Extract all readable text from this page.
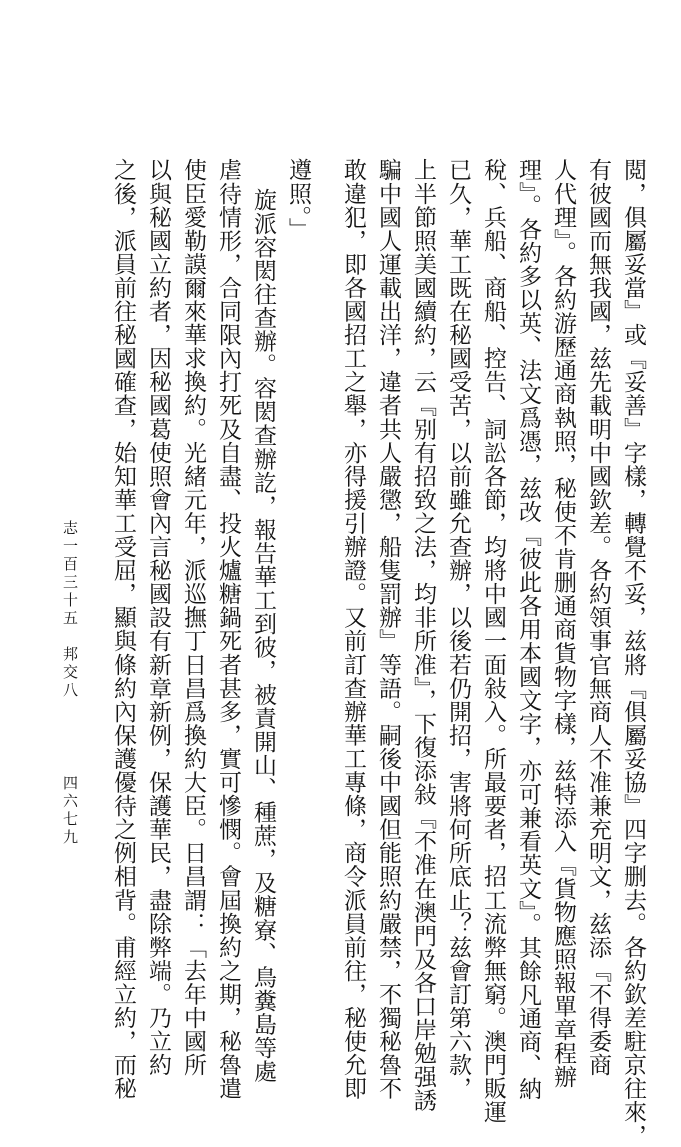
閲，俱屬妥當』或『妥善』字樣，轉覺不妥，兹將『俱屬妥協』四字删去。各約欽差駐京往來，
有彼國而無我國，兹先載明中國欽差。各約領事官無商人不准兼充明文，兹添『不得委商
人代理』。各約游歷通商執照，秘使不肯删通商貨物字樣，兹特添入『貨物應照報單章程辦
理』。各約多以英、法文爲憑，兹改『彼此各用本國文字，亦可兼看英文』。其餘凡通商、納
稅、兵船、商船、控告、詞訟各節，均將中國一面敍入。所最要者，招工流弊無窮。澳門販運
已久，華工既在秘國受苦，以前雖允查辦，以後若仍開招，害將何所底止？兹會訂第六款，
上半節照美國續約，云『别有招致之法，均非所准』，下復添敍『不准在澳門及各口岸勉强誘
騙中國人運載出洋，違者共人嚴懲，船隻罰辦』等語。嗣後中國但能照約嚴禁，不獨秘魯不
敢違犯，即各國招工之舉，亦得援引辦證。又前訂查辦華工專條，商令派員前往，秘使允即
遵照。」
旋派容閎往查辦。容閎查辦訖，報告華工到彼，被責開山、種蔗，及糖寮、鳥糞島等處
虐待情形，合同限內打死及自盡、投火爐糖鍋死者甚多，實可慘憫。會屆換約之期，秘魯遣
使臣愛勒謨爾來華求換約。光緒元年，派巡撫丁日昌爲換約大臣。日昌謂：「去年中國所
以與秘國立約者，因秘國葛使照會內言秘國設有新章新例，保護華民，盡除弊端。乃立約
之後，派員前往秘國確查，始知華工受屈，顯與條約內保護優待之例相背。甫經立約，而秘
志一百三十五　邦交八
四六七九
